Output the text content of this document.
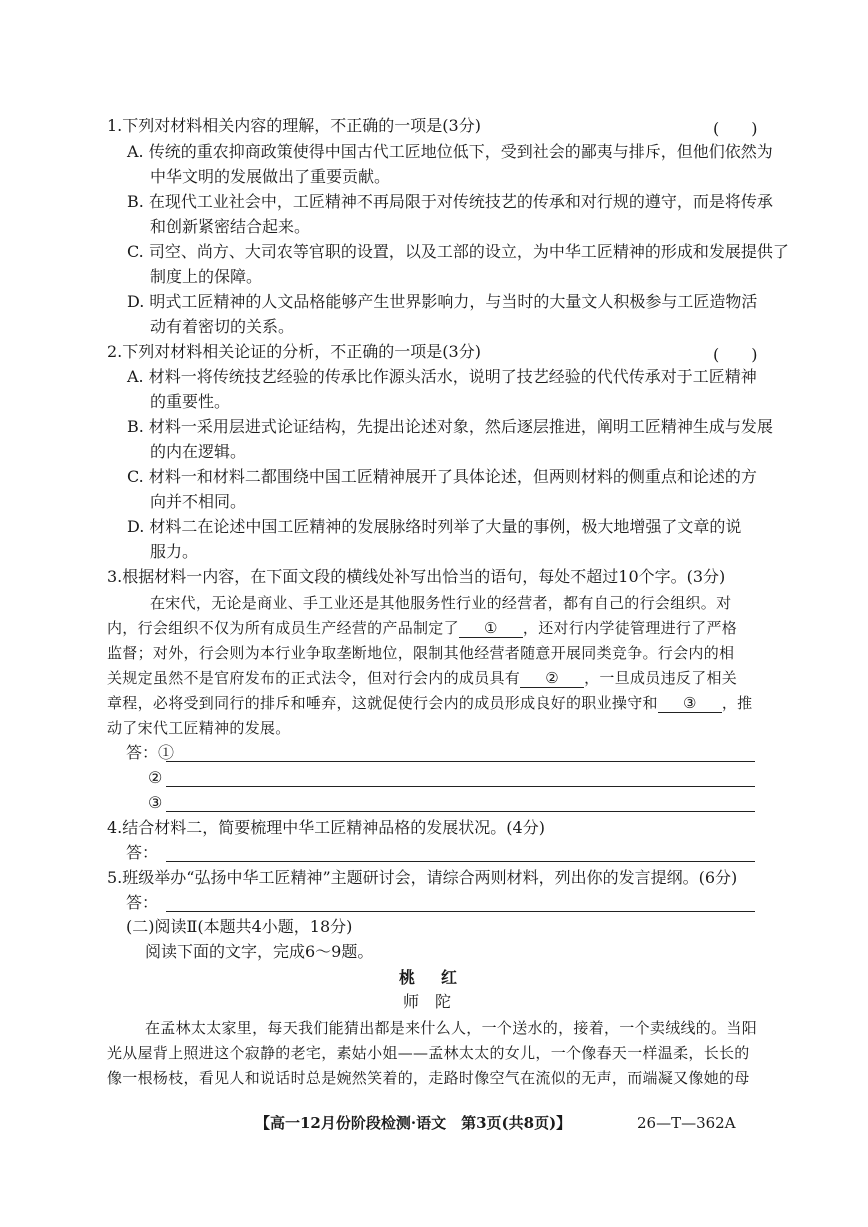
1.下列对材料相关内容的理解，不正确的一项是(3分)	(　　)
A. 传统的重农抑商政策使得中国古代工匠地位低下，受到社会的鄙夷与排斥，但他们依然为
中华文明的发展做出了重要贡献。
B. 在现代工业社会中，工匠精神不再局限于对传统技艺的传承和对行规的遵守，而是将传承
和创新紧密结合起来。
C. 司空、尚方、大司农等官职的设置，以及工部的设立，为中华工匠精神的形成和发展提供了
制度上的保障。
D. 明式工匠精神的人文品格能够产生世界影响力，与当时的大量文人积极参与工匠造物活
动有着密切的关系。
2.下列对材料相关论证的分析，不正确的一项是(3分)	(　　)
A. 材料一将传统技艺经验的传承比作源头活水，说明了技艺经验的代代传承对于工匠精神
的重要性。
B. 材料一采用层进式论证结构，先提出论述对象，然后逐层推进，阐明工匠精神生成与发展
的内在逻辑。
C. 材料一和材料二都围绕中国工匠精神展开了具体论述，但两则材料的侧重点和论述的方
向并不相同。
D. 材料二在论述中国工匠精神的发展脉络时列举了大量的事例，极大地增强了文章的说
服力。
3.根据材料一内容，在下面文段的横线处补写出恰当的语句，每处不超过10个字。(3分)
在宋代，无论是商业、手工业还是其他服务性行业的经营者，都有自己的行会组织。对
内，行会组织不仅为所有成员生产经营的产品制定了 ① ，还对行内学徒管理进行了严格
监督；对外，行会则为本行业争取垄断地位，限制其他经营者随意开展同类竞争。行会内的相
关规定虽然不是官府发布的正式法令，但对行会内的成员具有 ② ，一旦成员违反了相关
章程，必将受到同行的排斥和唾弃，这就促使行会内的成员形成良好的职业操守和 ③ ，推
动了宋代工匠精神的发展。
答：①
②
③
4.结合材料二，简要梳理中华工匠精神品格的发展状况。(4分)
答：
5.班级举办“弘扬中华工匠精神”主题研讨会，请综合两则材料，列出你的发言提纲。(6分)
答：
(二)阅读Ⅱ(本题共4小题，18分)
阅读下面的文字，完成6～9题。
桃红
师陀
在孟林太太家里，每天我们能猜出都是来什么人，一个送水的，接着，一个卖绒线的。当阳
光从屋背上照进这个寂静的老宅，素姑小姐——孟林太太的女儿，一个像春天一样温柔，长长的
像一根杨枝，看见人和说话时总是婉然笑着的，走路时像空气在流似的无声，而端凝又像她的母
【高一12月份阶段检测·语文　第3页(共8页)】	26—T—362A
